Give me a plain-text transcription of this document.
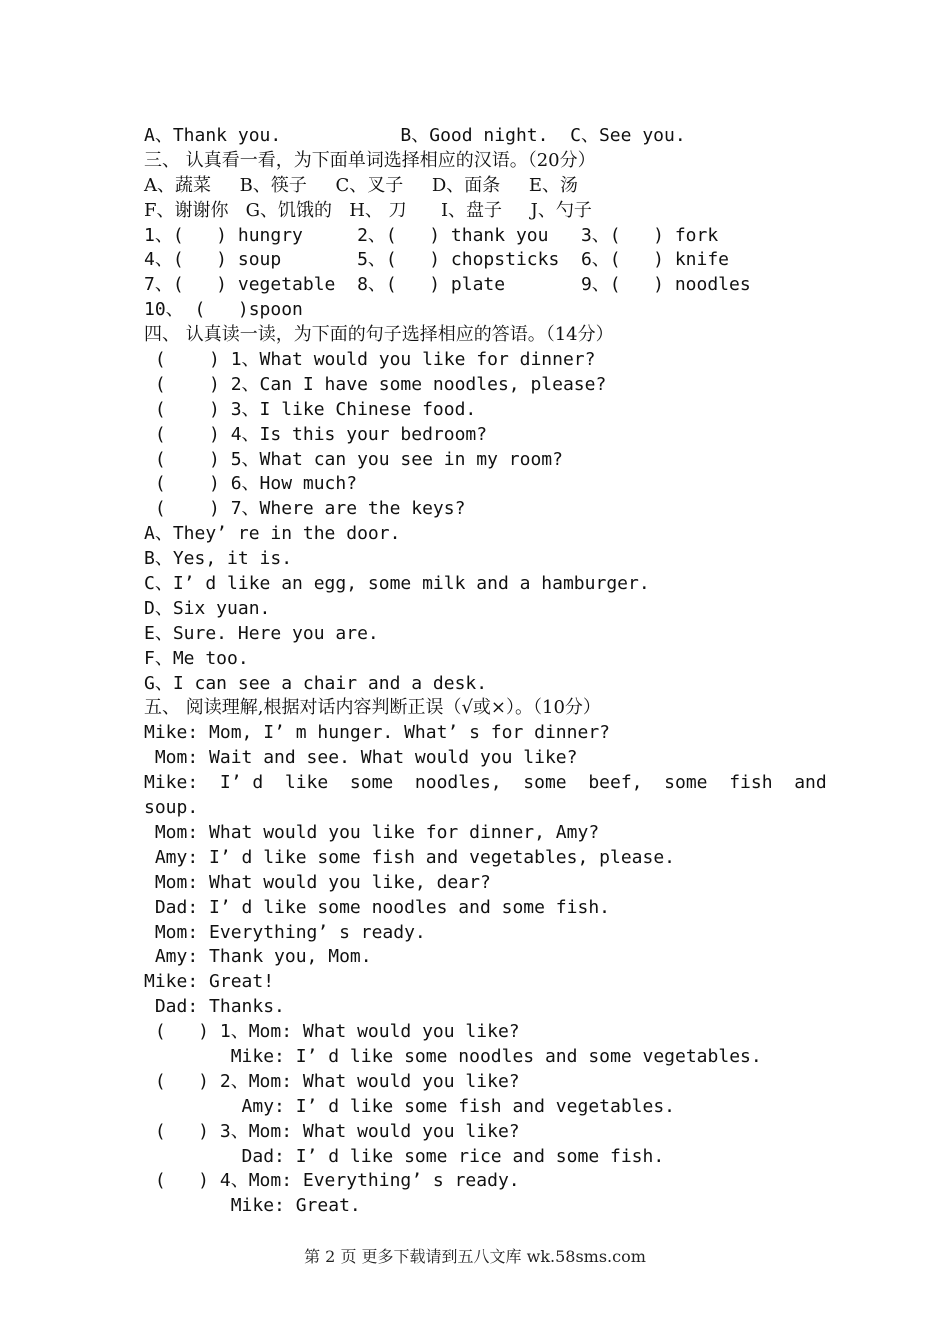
A、Thank you.           B、Good night.  C、See you.
三、 认真看一看，为下面单词选择相应的汉语。（20分）
A、蔬菜     B、筷子     C、叉子     D、面条     E、汤
F、谢谢你   G、饥饿的   H、 刀      I、盘子     J、勺子
1、(   ) hungry     2、(   ) thank you   3、(   ) fork
4、(   ) soup       5、(   ) chopsticks  6、(   ) knife
7、(   ) vegetable  8、(   ) plate       9、(   ) noodles
10、 (   )spoon
四、 认真读一读，为下面的句子选择相应的答语。（14分）
(    ) 1、What would you like for dinner?
(    ) 2、Can I have some noodles, please?
(    ) 3、I like Chinese food.
(    ) 4、Is this your bedroom?
(    ) 5、What can you see in my room?
(    ) 6、How much?
(    ) 7、Where are the keys?
A、They’ re in the door.
B、Yes, it is.
C、I’ d like an egg, some milk and a hamburger.
D、Six yuan.
E、Sure. Here you are.
F、Me too.
G、I can see a chair and a desk.
五、 阅读理解,根据对话内容判断正误（√或×）。（10分）
Mike: Mom, I’ m hunger. What’ s for dinner?
Mom: Wait and see. What would you like?
Mike:  I’ d  like  some  noodles,  some  beef,  some  fish  and
soup.
Mom: What would you like for dinner, Amy?
Amy: I’ d like some fish and vegetables, please.
Mom: What would you like, dear?
Dad: I’ d like some noodles and some fish.
Mom: Everything’ s ready.
Amy: Thank you, Mom.
Mike: Great!
Dad: Thanks.
(   ) 1、Mom: What would you like?
Mike: I’ d like some noodles and some vegetables.
(   ) 2、Mom: What would you like?
Amy: I’ d like some fish and vegetables.
(   ) 3、Mom: What would you like?
Dad: I’ d like some rice and some fish.
(   ) 4、Mom: Everything’ s ready.
Mike: Great.
第 2 页 更多下载请到五八文库 wk.58sms.com
